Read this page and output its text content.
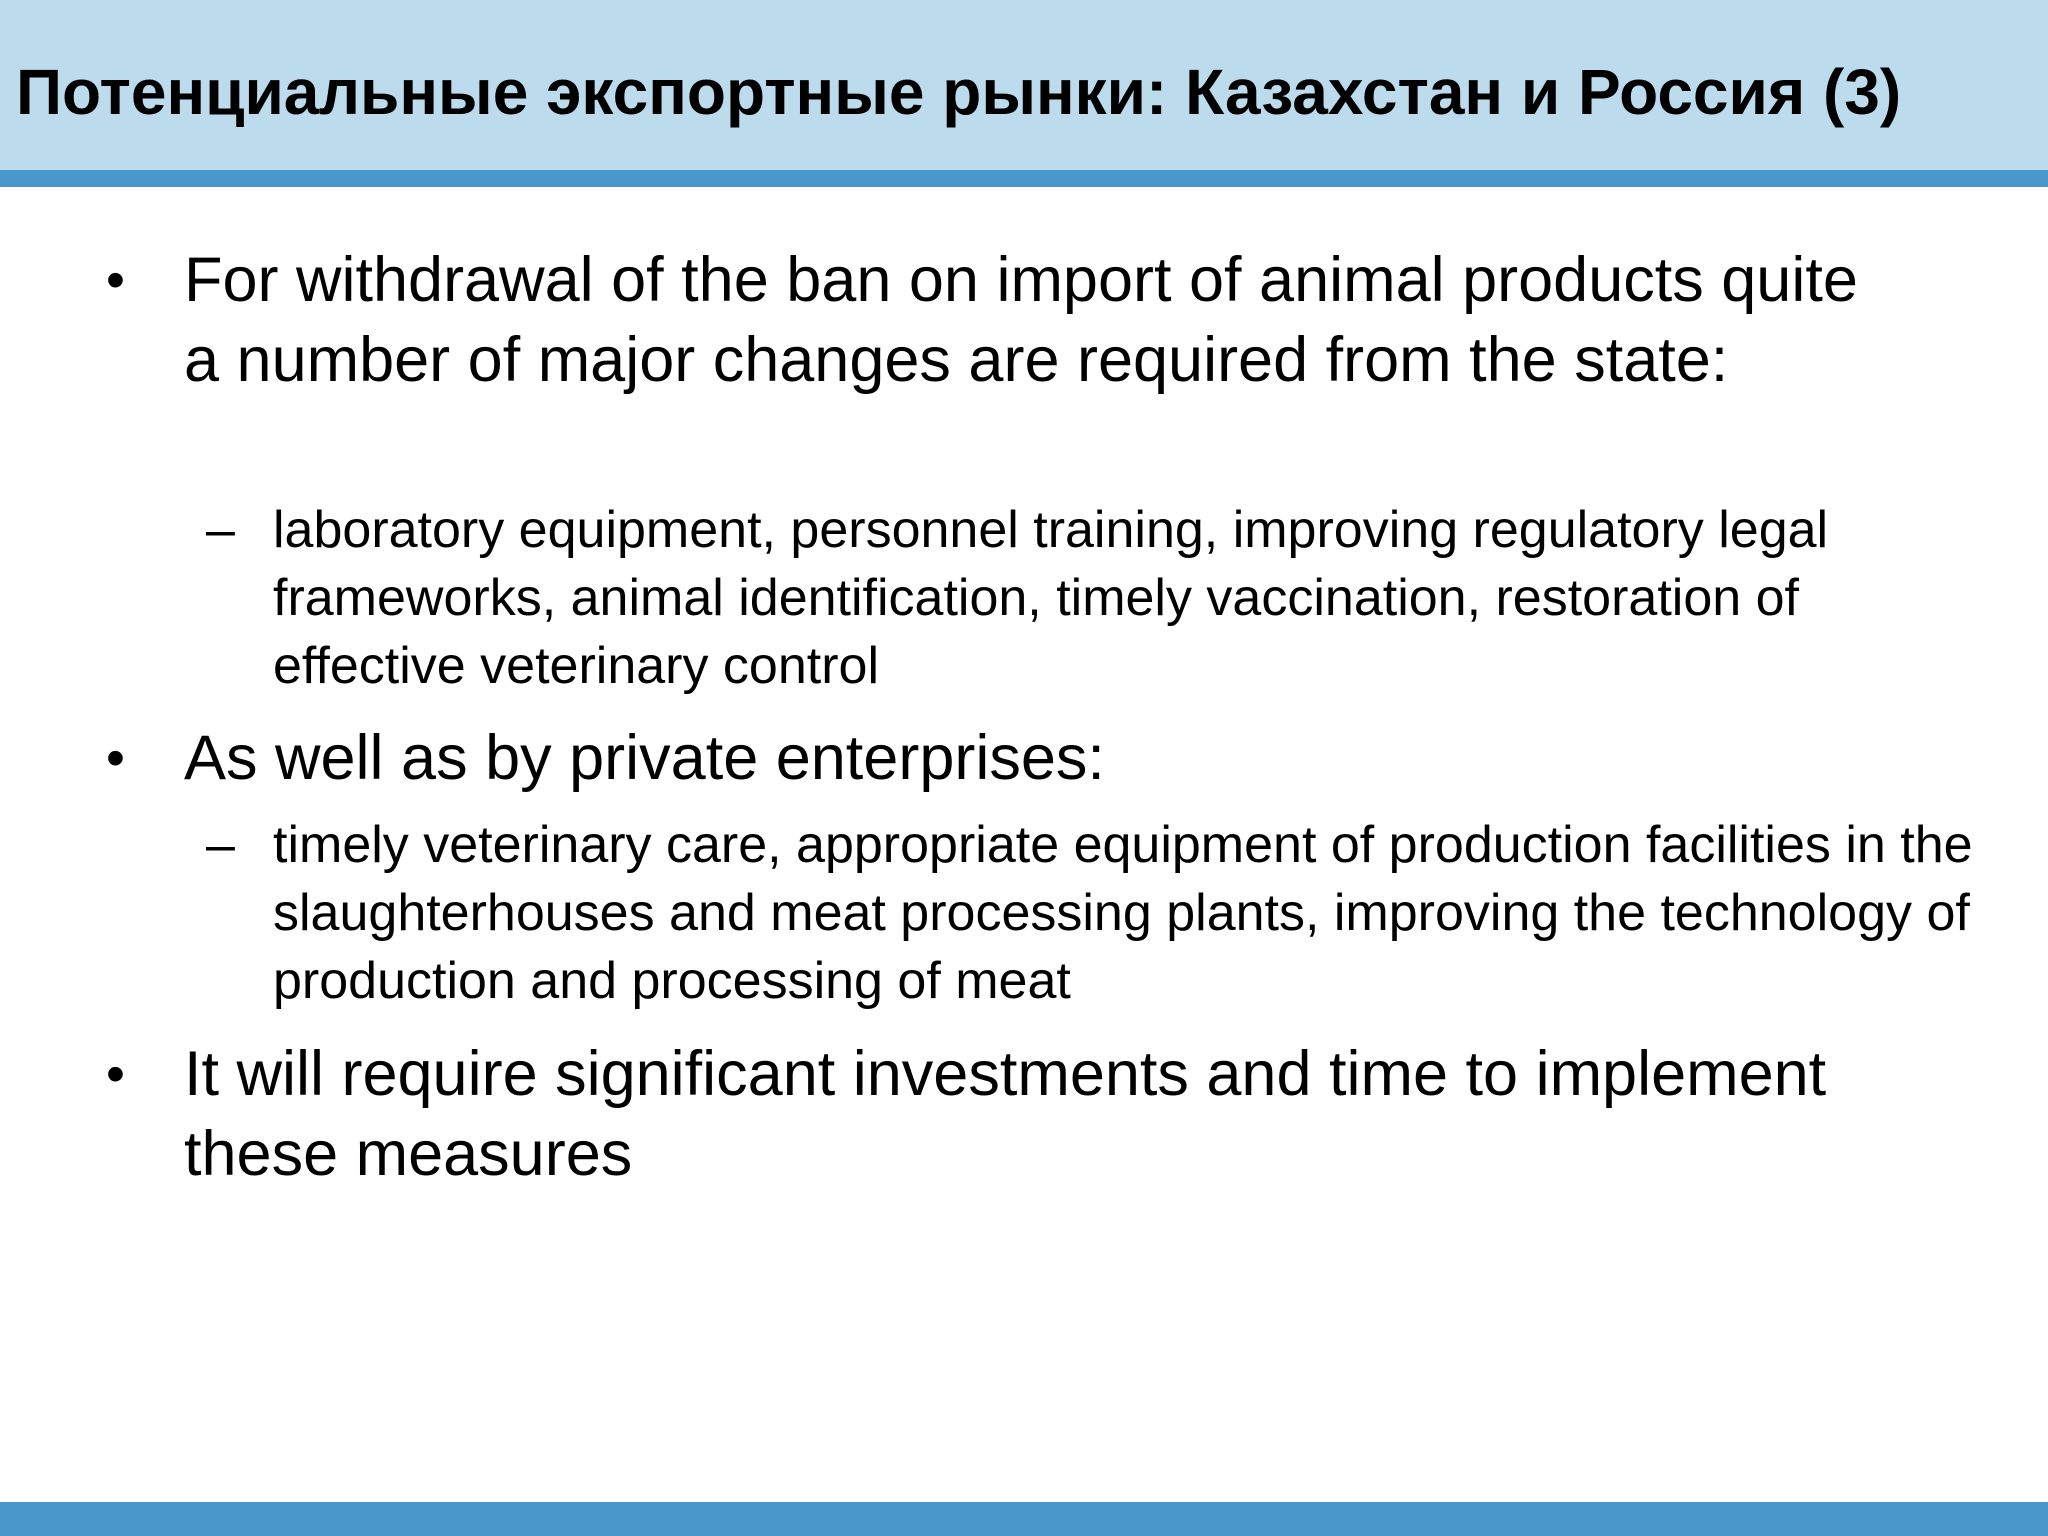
Потенциальные экспортные рынки: Казахстан и Россия (3)
• For withdrawal of the ban on import of animal products quite a number of major changes are required from the state:
– laboratory equipment, personnel training, improving regulatory legal frameworks, animal identification, timely vaccination, restoration of effective veterinary control
• As well as by private enterprises:
– timely veterinary care, appropriate equipment of production facilities in the slaughterhouses and meat processing plants, improving the technology of production and processing of meat
• It will require significant investments and time to implement these measures
